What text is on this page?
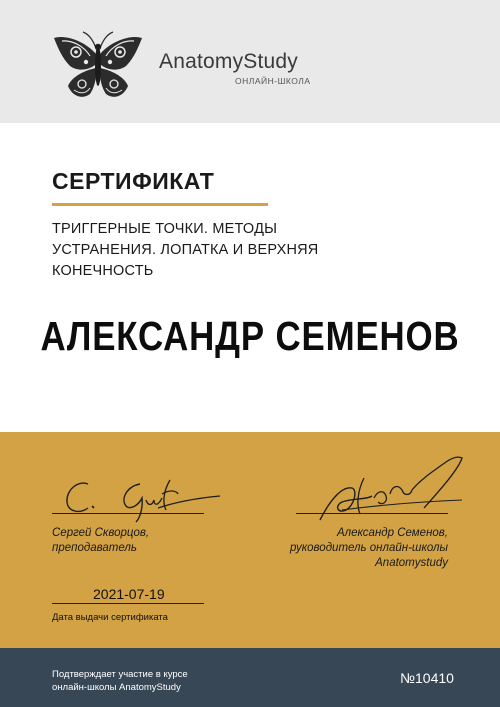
AnatomyStudy
ОНЛАЙН-ШКОЛА
СЕРТИФИКАТ
ТРИГГЕРНЫЕ ТОЧКИ. МЕТОДЫ
УСТРАНЕНИЯ. ЛОПАТКА И ВЕРХНЯЯ
КОНЕЧНОСТЬ
АЛЕКСАНДР СЕМЕНОВ
Сергей Скворцов,
преподаватель
Александр Семенов,
руководитель онлайн-школы
Anatomystudy
2021-07-19
Дата выдачи сертификата
Подтверждает участие в курсе
онлайн-школы AnatomyStudy
№10410
